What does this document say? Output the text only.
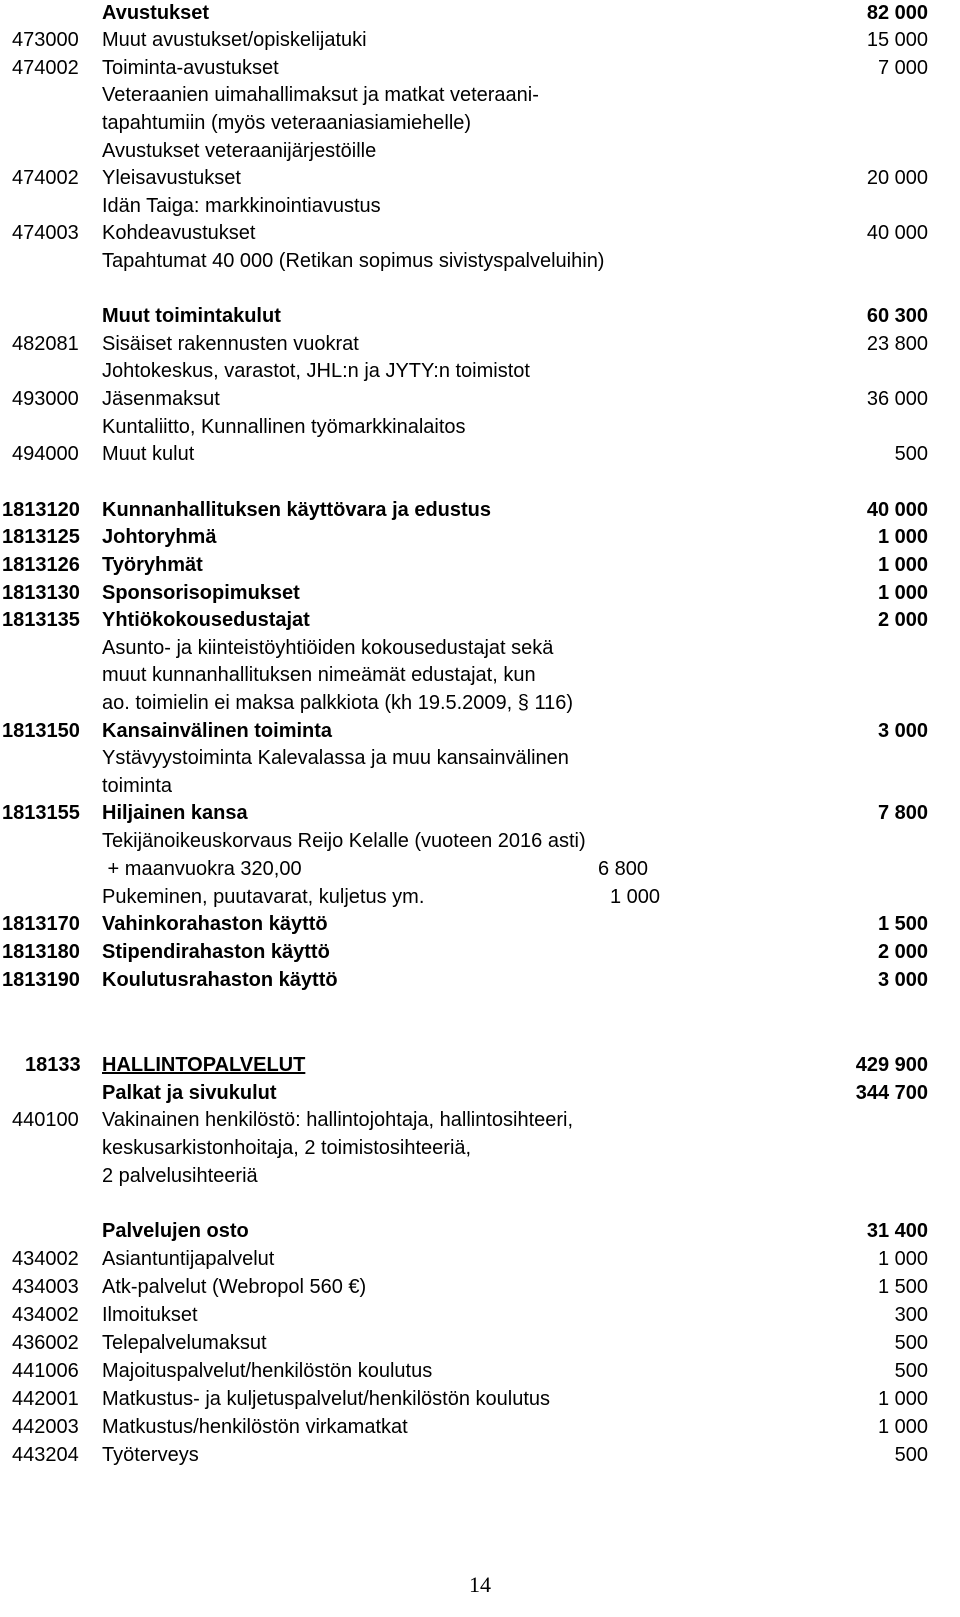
Avustukset	82 000
473000	Muut avustukset/opiskelijatuki	15 000
474002	Toiminta-avustukset	7 000
Veteraanien uimahallimaksut ja matkat veteraani-
tapahtumiin (myös veteraaniasiamiehelle)
Avustukset veteraanijärjestöille
474002	Yleisavustukset	20 000
Idän Taiga: markkinointiavustus
474003	Kohdeavustukset	40 000
Tapahtumat 40 000 (Retikan sopimus sivistyspalveluihin)
Muut toimintakulut	60 300
482081	Sisäiset rakennusten vuokrat	23 800
Johtokeskus, varastot, JHL:n ja JYTY:n toimistot
493000	Jäsenmaksut	36 000
Kuntaliitto, Kunnallinen työmarkkinalaitos
494000	Muut kulut	500
1813120 Kunnanhallituksen käyttövara ja edustus	40 000
1813125 Johtoryhmä	1 000
1813126 Työryhmät	1 000
1813130 Sponsorisopimukset	1 000
1813135 Yhtiökokousedustajat	2 000
Asunto- ja kiinteistöyhtiöiden kokousedustajat sekä
muut kunnanhallituksen nimeämät edustajat, kun
ao. toimielin ei maksa palkkiota (kh 19.5.2009, § 116)
1813150 Kansainvälinen toiminta	3 000
Ystävyystoiminta Kalevalassa ja muu kansainvälinen
toiminta
1813155 Hiljainen kansa	7 800
Tekijänoikeuskorvaus Reijo Kelalle (vuoteen 2016 asti)
+ maanvuokra 320,00	6 800
Pukeminen, puutavarat, kuljetus ym.	1 000
1813170 Vahinkorahaston käyttö	1 500
1813180 Stipendirahaston käyttö	2 000
1813190 Koulutusrahaston käyttö	3 000
18133	HALLINTOPALVELUT	429 900
Palkat ja sivukulut	344 700
440100	Vakinainen henkilöstö: hallintojohtaja, hallintosihteeri,
keskusarkistonhoitaja, 2 toimistosihteeriä,
2 palvelusihteeriä
Palvelujen osto	31 400
434002	Asiantuntijapalvelut	1 000
434003	Atk-palvelut (Webropol 560 €)	1 500
434002	Ilmoitukset	300
436002	Telepalvelumaksut	500
441006	Majoituspalvelut/henkilöstön koulutus	500
442001	Matkustus- ja kuljetuspalvelut/henkilöstön koulutus	1 000
442003	Matkustus/henkilöstön virkamatkat	1 000
443204	Työterveys	500
14
